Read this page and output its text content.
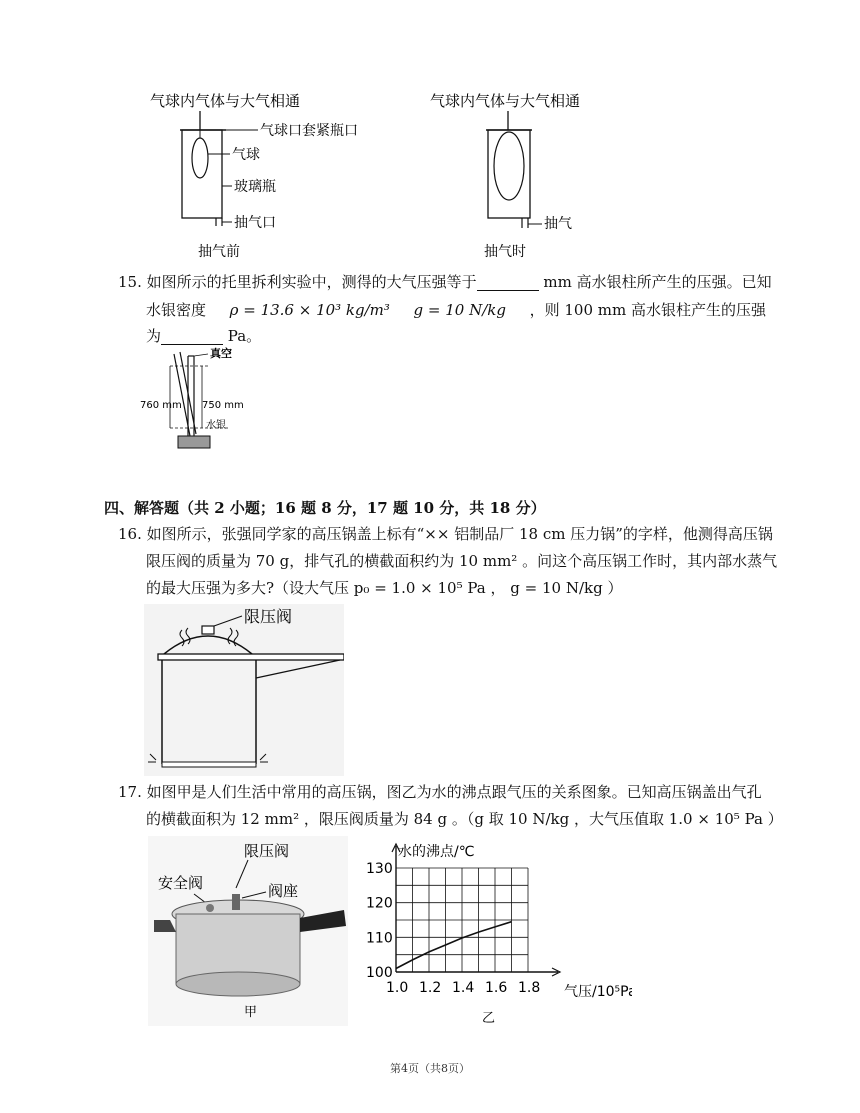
气球内气体与大气相通
气球口套紧瓶口
气球
玻璃瓶
抽气口
抽气前
气球内气体与大气相通
抽气
抽气时
15. 如图所示的托里拆利实验中，测得的大气压强等于	mm 高水银柱所产生的压强。已知
水银密度 ρ = 13.6 × 10³ kg/m³ g = 10 N/kg ，则 100 mm 高水银柱产生的压强
为	Pa。
真空
760 mm 750 mm
水银
四、解答题（共 2 小题；16 题 8 分，17 题 10 分，共 18 分）
16. 如图所示，张强同学家的高压锅盖上标有“×× 铝制品厂 18 cm 压力锅”的字样，他测得高压锅
限压阀的质量为 70 g，排气孔的横截面积约为 10 mm² 。问这个高压锅工作时，其内部水蒸气
的最大压强为多大?（设大气压 p₀ = 1.0 × 10⁵ Pa ， g = 10 N/kg ）
限压阀
17. 如图甲是人们生活中常用的高压锅，图乙为水的沸点跟气压的关系图象。已知高压锅盖出气孔
的横截面积为 12 mm² ，限压阀质量为 84 g 。（g 取 10 N/kg ，大气压值取 1.0 × 10⁵ Pa ）
限压阀
安全阀	阀座
甲
1.0 1.2 1.4 1.6 1.8
100
110
120
130
水的沸点/℃
气压/10⁵Pa
乙
第4页（共8页）
